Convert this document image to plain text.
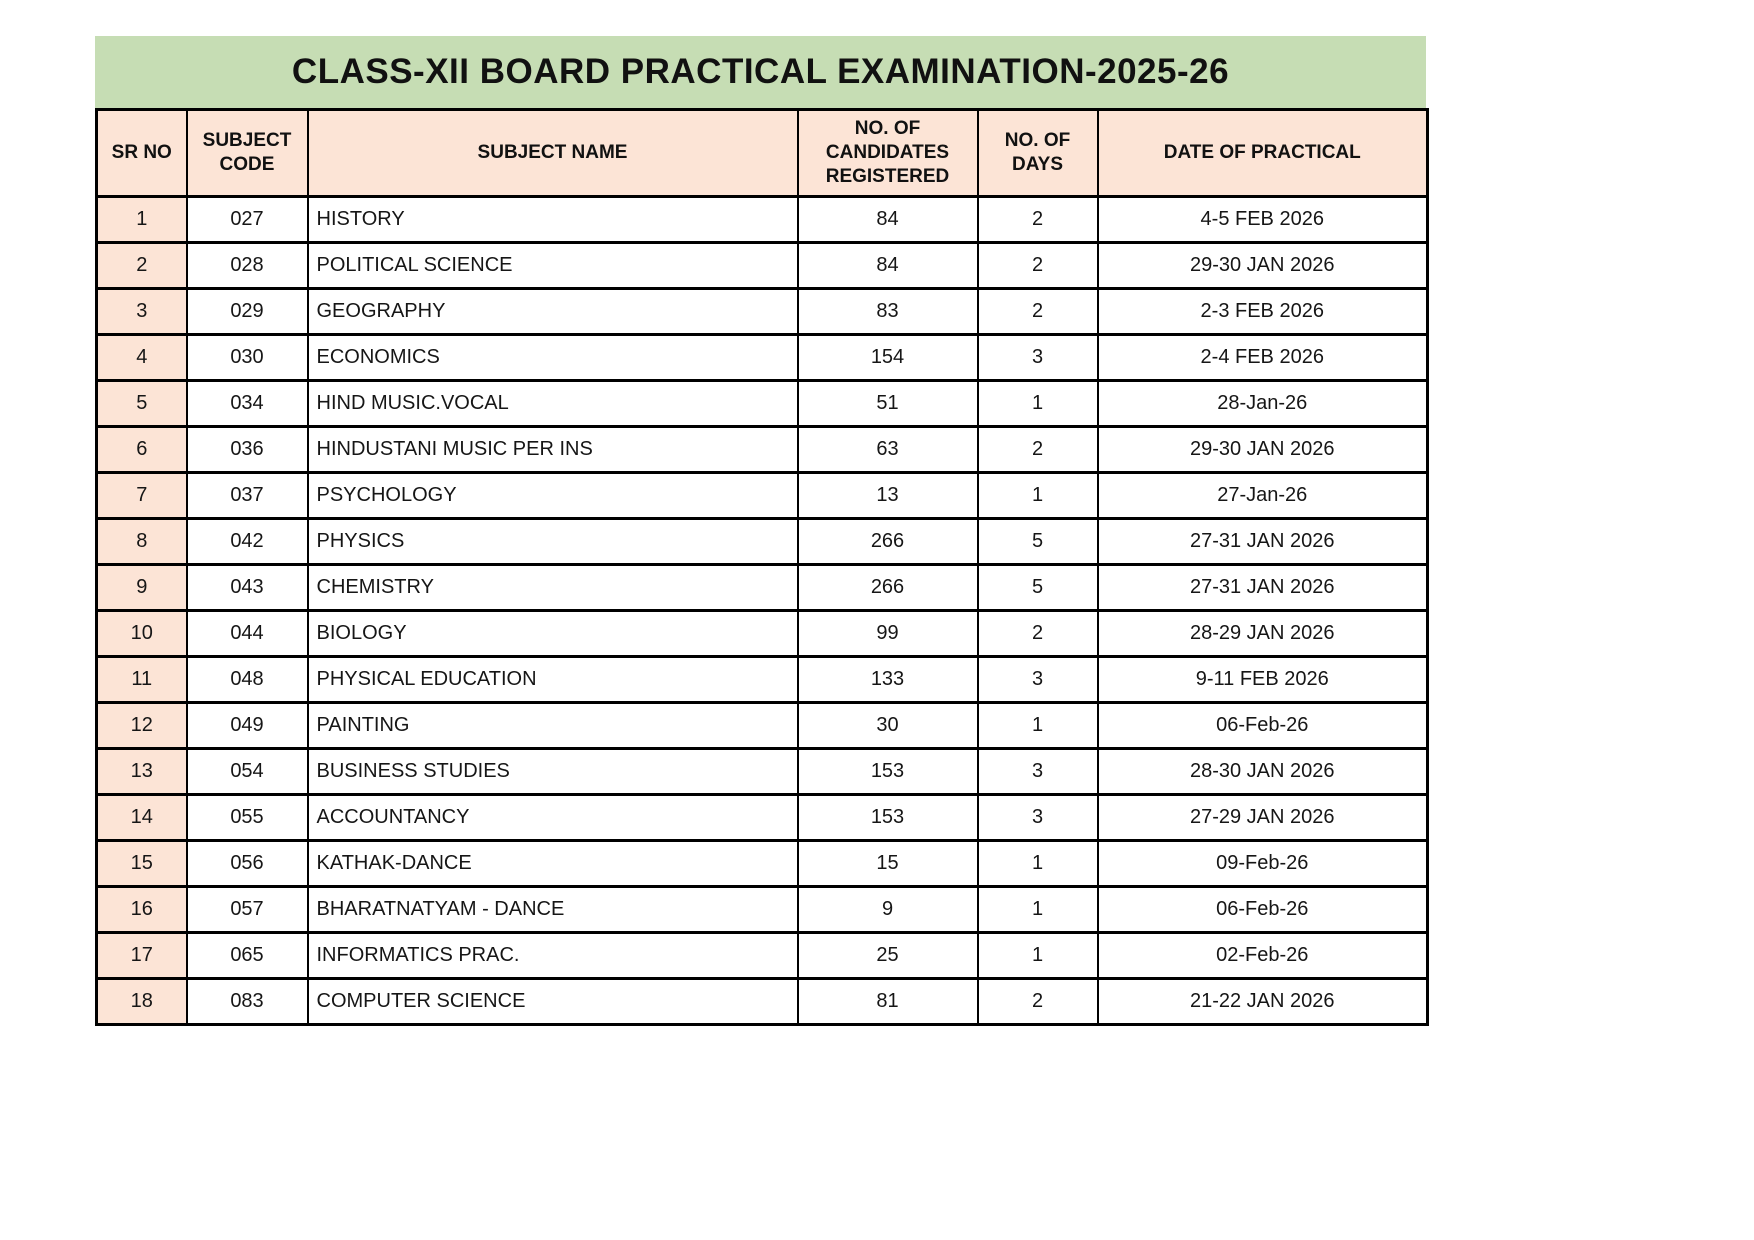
CLASS-XII BOARD PRACTICAL EXAMINATION-2025-26
SR NO	SUBJECT CODE	SUBJECT NAME	NO. OF CANDIDATES REGISTERED	NO. OF DAYS	DATE OF PRACTICAL
1	027	HISTORY	84	2	4-5 FEB 2026
2	028	POLITICAL SCIENCE	84	2	29-30 JAN 2026
3	029	GEOGRAPHY	83	2	2-3 FEB 2026
4	030	ECONOMICS	154	3	2-4 FEB 2026
5	034	HIND MUSIC.VOCAL	51	1	28-Jan-26
6	036	HINDUSTANI MUSIC PER INS	63	2	29-30 JAN 2026
7	037	PSYCHOLOGY	13	1	27-Jan-26
8	042	PHYSICS	266	5	27-31 JAN 2026
9	043	CHEMISTRY	266	5	27-31 JAN 2026
10	044	BIOLOGY	99	2	28-29 JAN 2026
11	048	PHYSICAL EDUCATION	133	3	9-11 FEB 2026
12	049	PAINTING	30	1	06-Feb-26
13	054	BUSINESS STUDIES	153	3	28-30 JAN 2026
14	055	ACCOUNTANCY	153	3	27-29 JAN 2026
15	056	KATHAK-DANCE	15	1	09-Feb-26
16	057	BHARATNATYAM - DANCE	9	1	06-Feb-26
17	065	INFORMATICS PRAC.	25	1	02-Feb-26
18	083	COMPUTER SCIENCE	81	2	21-22 JAN 2026
